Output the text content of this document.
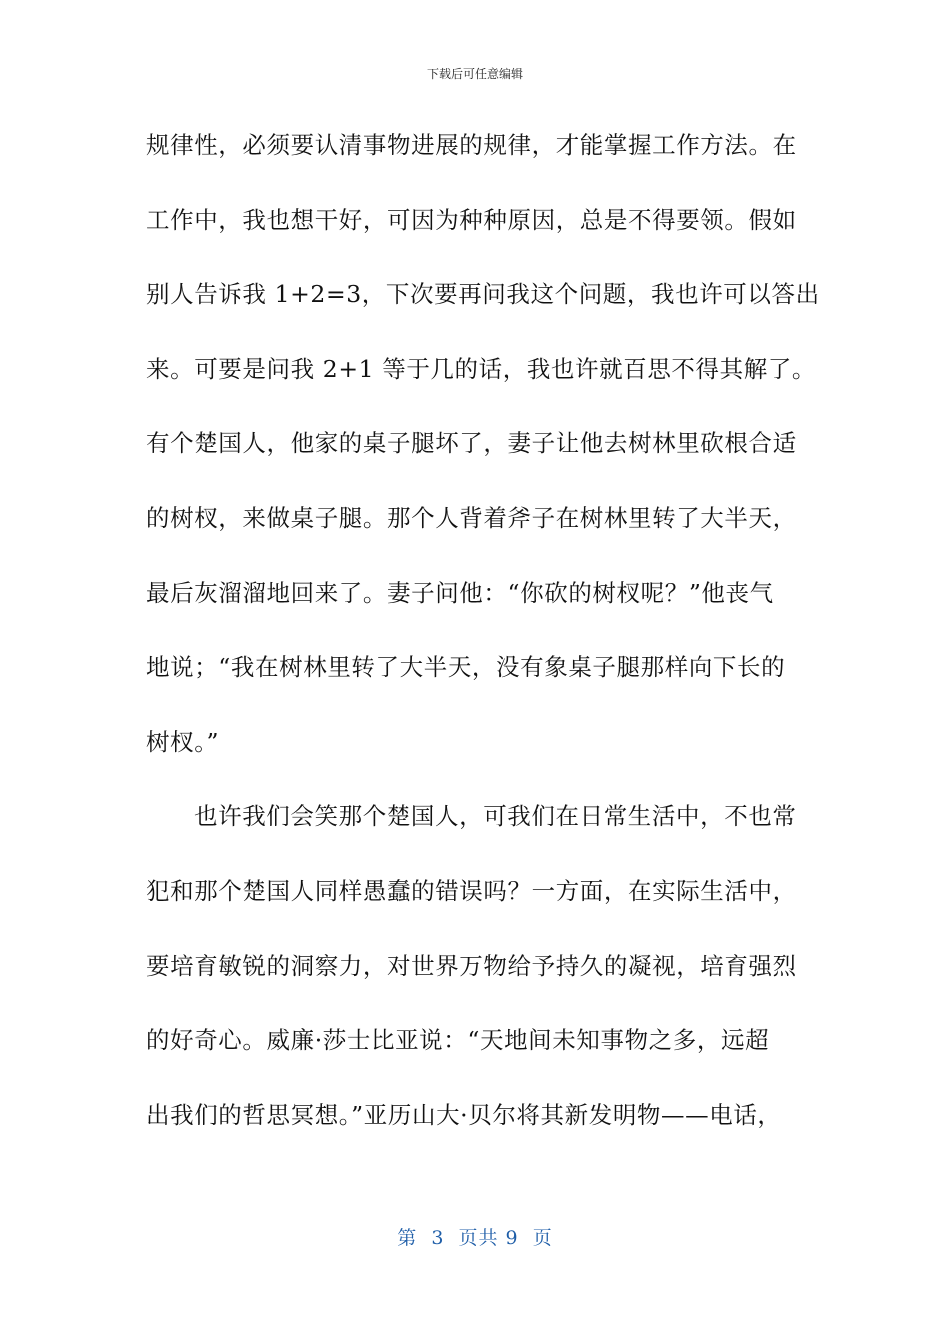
下载后可任意编辑
规律性，必须要认清事物进展的规律，才能掌握工作方法。在
工作中，我也想干好，可因为种种原因，总是不得要领。假如
别人告诉我 1+2=3，下次要再问我这个问题，我也许可以答出
来。可要是问我 2+1 等于几的话，我也许就百思不得其解了。
有个楚国人，他家的桌子腿坏了，妻子让他去树林里砍根合适
的树杈，来做桌子腿。那个人背着斧子在树林里转了大半天，
最后灰溜溜地回来了。妻子问他：“你砍的树杈呢？”他丧气
地说；“我在树林里转了大半天，没有象桌子腿那样向下长的
树杈。”
也许我们会笑那个楚国人，可我们在日常生活中，不也常
犯和那个楚国人同样愚蠢的错误吗？一方面，在实际生活中，
要培育敏锐的洞察力，对世界万物给予持久的凝视，培育强烈
的好奇心。威廉·莎士比亚说：“天地间未知事物之多，远超
出我们的哲思冥想。”亚历山大·贝尔将其新发明物——电话，
第  3  页共 9  页
